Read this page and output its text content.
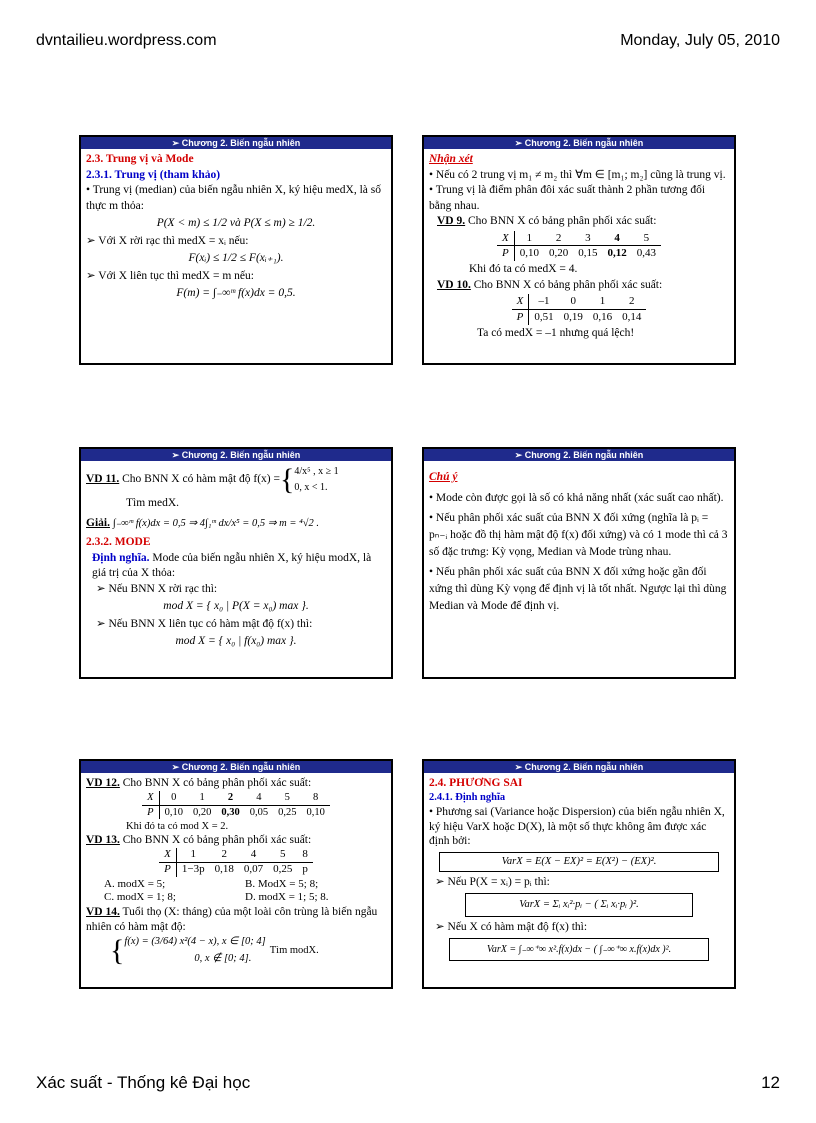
dvntailieu.wordpress.com	Monday, July 05, 2010
➢ Chương 2. Biến ngẫu nhiên
2.3. Trung vị và Mode
2.3.1. Trung vị (tham khảo)
• Trung vị (median) của biến ngẫu nhiên X, ký hiệu medX, là số thực m thỏa:
P(X < m) ≤ 1/2 và P(X ≤ m) ≥ 1/2.
➢ Với X rời rạc thì medX = xᵢ nếu:
F(xᵢ) ≤ 1/2 ≤ F(xᵢ₊₁).
➢ Với X liên tục thì medX = m nếu:
F(m) = ∫₋∞ᵐ f(x)dx = 0,5.
➢ Chương 2. Biến ngẫu nhiên
Nhận xét
• Nếu có 2 trung vị m₁ ≠ m₂ thì ∀m ∈ [m₁; m₂] cũng là trung vị.
• Trung vị là điểm phân đôi xác suất thành 2 phần tương đối bằng nhau.
VD 9. Cho BNN X có bảng phân phối xác suất:
X	1	2	3	4	5
P	0,10	0,20	0,15	0,12	0,43
Khi đó ta có medX = 4.
VD 10. Cho BNN X có bảng phân phối xác suất:
X	–1	0	1	2
P	0,51	0,19	0,16	0,14
Ta có medX = –1 nhưng quá lệch!
➢ Chương 2. Biến ngẫu nhiên
VD 11. Cho BNN X có hàm mật độ f(x) = { 4/x⁵ , x ≥ 1
0, x < 1.
Tìm medX.
Giải. ∫₋∞ᵐ f(x)dx = 0,5 ⇒ 4∫₁ᵐ dx/x⁵ = 0,5 ⇒ m = ⁴√2 .
2.3.2. MODE
Định nghĩa. Mode của biến ngẫu nhiên X, ký hiệu modX, là giá trị của X thỏa:
➢ Nếu BNN X rời rạc thì:
mod X = { x₀ | P(X = x₀) max }.
➢ Nếu BNN X liên tục có hàm mật độ f(x) thì:
mod X = { x₀ | f(x₀) max }.
➢ Chương 2. Biến ngẫu nhiên
Chú ý
• Mode còn được gọi là số có khả năng nhất (xác suất cao nhất).
• Nếu phân phối xác suất của BNN X đối xứng (nghĩa là pᵢ = pₙ₋ᵢ hoặc đồ thị hàm mật độ f(x) đối xứng) và có 1 mode thì cả 3 số đặc trưng: Kỳ vọng, Median và Mode trùng nhau.
• Nếu phân phối xác suất của BNN X đối xứng hoặc gần đối xứng thì dùng Kỳ vọng để định vị là tốt nhất. Ngược lại thì dùng Median và Mode để định vị.
➢ Chương 2. Biến ngẫu nhiên
VD 12. Cho BNN X có bảng phân phối xác suất:
X	0	1	2	4	5	8
P	0,10	0,20	0,30	0,05	0,25	0,10
Khi đó ta có mod X = 2.
VD 13. Cho BNN X có bảng phân phối xác suất:
X	1	2	4	5	8
P	1−3p	0,18	0,07	0,25	p
A. modX = 5;	B. ModX = 5; 8;
C. modX = 1; 8;	D. modX = 1; 5; 8.
VD 14. Tuổi thọ (X: tháng) của một loài côn trùng là biến ngẫu nhiên có hàm mật độ:
{ f(x) = (3/64) x²(4 − x), x ∈ [0; 4]
0, x ∉ [0; 4].
Tìm modX.
➢ Chương 2. Biến ngẫu nhiên
2.4. PHƯƠNG SAI
2.4.1. Định nghĩa
• Phương sai (Variance hoặc Dispersion) của biến ngẫu nhiên X, ký hiệu VarX hoặc D(X), là một số thực không âm được xác định bởi:
VarX = E(X − EX)² = E(X²) − (EX)².
➢ Nếu P(X = xᵢ) = pᵢ thì:
VarX = Σᵢ xᵢ²·pᵢ − ( Σᵢ xᵢ·pᵢ )².
➢ Nếu X có hàm mật độ f(x) thì:
VarX = ∫₋∞⁺∞ x².f(x)dx − ( ∫₋∞⁺∞ x.f(x)dx )².
Xác suất - Thống kê Đại học	12
